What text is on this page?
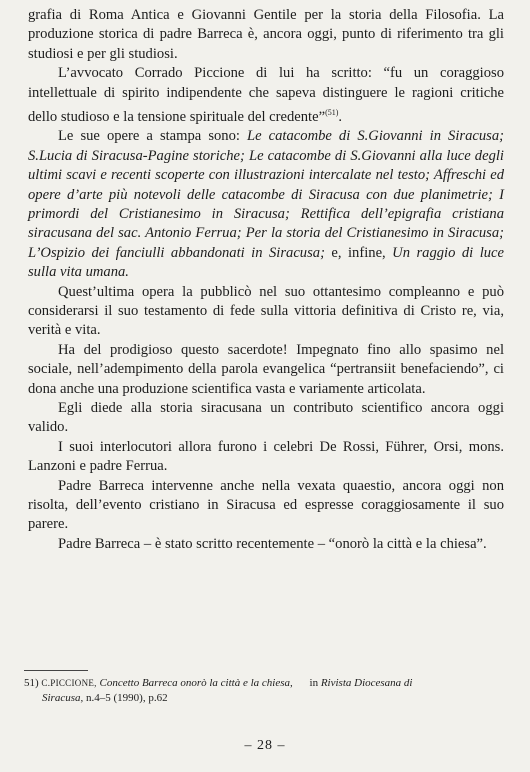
grafia di Roma Antica e Giovanni Gentile per la storia della Filosofia. La produzione storica di padre Barreca è, ancora oggi, punto di riferimento tra gli studiosi e per gli studiosi.

L’avvocato Corrado Piccione di lui ha scritto: “fu un coraggioso intellettuale di spirito indipendente che sapeva distinguere le ragioni critiche dello studioso e la tensione spirituale del credente”$^{(51)}$.

Le sue opere a stampa sono: Le catacombe di S.Giovanni in Siracusa; S.Lucia di Siracusa-Pagine storiche; Le catacombe di S.Giovanni alla luce degli ultimi scavi e recenti scoperte con illustrazioni intercalate nel testo; Affreschi ed opere d’arte più notevoli delle catacombe di Siracusa con due planimetrie; I primordi del Cristianesimo in Siracusa; Rettifica dell’epigrafia cristiana siracusana del sac. Antonio Ferrua; Per la storia del Cristianesimo in Siracusa; L’Ospizio dei fanciulli abbandonati in Siracusa; e, infine, Un raggio di luce sulla vita umana.

Quest’ultima opera la pubblicò nel suo ottantesimo compleanno e può considerarsi il suo testamento di fede sulla vittoria definitiva di Cristo re, via, verità e vita.

Ha del prodigioso questo sacerdote! Impegnato fino allo spasimo nel sociale, nell’adempimento della parola evangelica “pertransiit benefaciendo”, ci dona anche una produzione scientifica vasta e variamente articolata.

Egli diede alla storia siracusana un contributo scientifico ancora oggi valido.

I suoi interlocutori allora furono i celebri De Rossi, Führer, Orsi, mons. Lanzoni e padre Ferrua.

Padre Barreca intervenne anche nella vexata quaestio, ancora oggi non risolta, dell’evento cristiano in Siracusa ed espresse coraggiosamente il suo parere.

Padre Barreca – è stato scritto recentemente – “onorò la città e la chiesa”.

51) C.PICCIONE, Concetto Barreca onorò la città e la chiesa, in Rivista Diocesana di
Siracusa, n.4–5 (1990), p.62
– 28 –
